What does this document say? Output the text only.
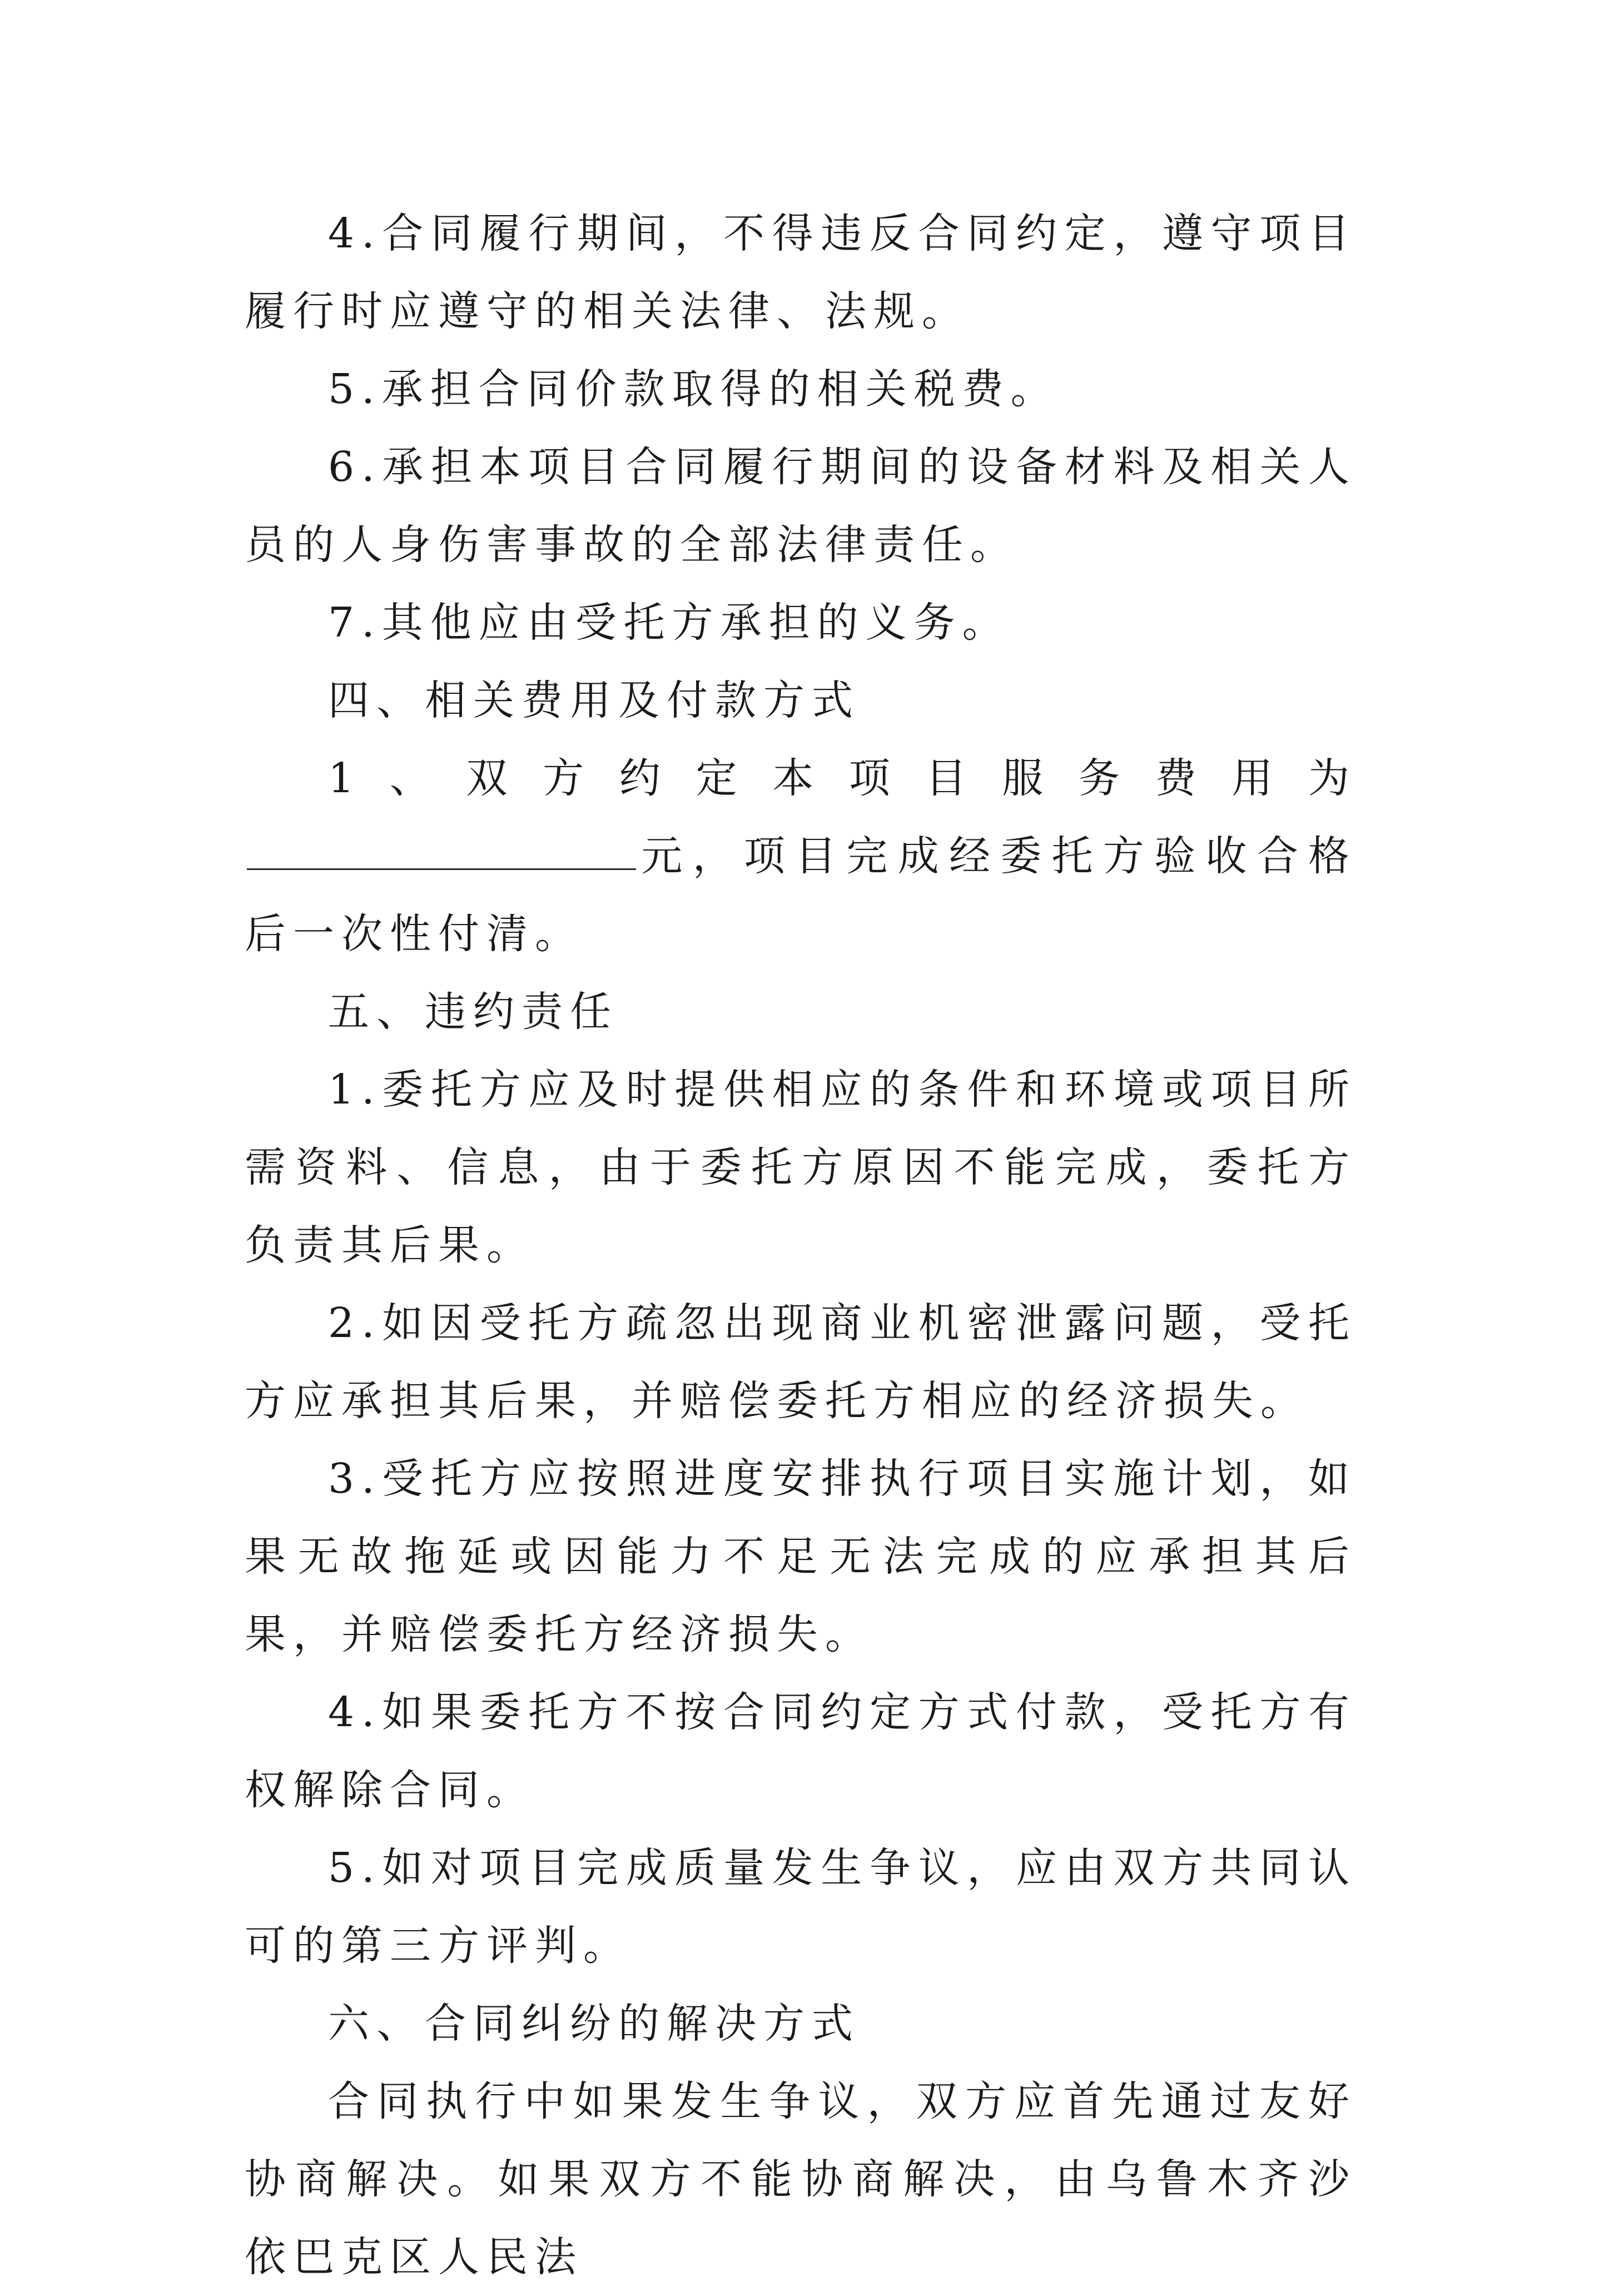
4.合同履行期间，不得违反合同约定，遵守项目履行时应遵守的相关法律、法规。

5.承担合同价款取得的相关税费。

6.承担本项目合同履行期间的设备材料及相关人员的人身伤害事故的全部法律责任。

7.其他应由受托方承担的义务。

四、相关费用及付款方式

1、双方约定本项目服务费用为元，项目完成经委托方验收合格后一次性付清。

五、违约责任

1.委托方应及时提供相应的条件和环境或项目所需资料、信息，由于委托方原因不能完成，委托方负责其后果。

2.如因受托方疏忽出现商业机密泄露问题，受托方应承担其后果，并赔偿委托方相应的经济损失。

3.受托方应按照进度安排执行项目实施计划，如果无故拖延或因能力不足无法完成的应承担其后果，并赔偿委托方经济损失。

4.如果委托方不按合同约定方式付款，受托方有权解除合同。

5.如对项目完成质量发生争议，应由双方共同认可的第三方评判。

六、合同纠纷的解决方式

合同执行中如果发生争议，双方应首先通过友好协商解决。如果双方不能协商解决，由乌鲁木齐沙依巴克区人民法
